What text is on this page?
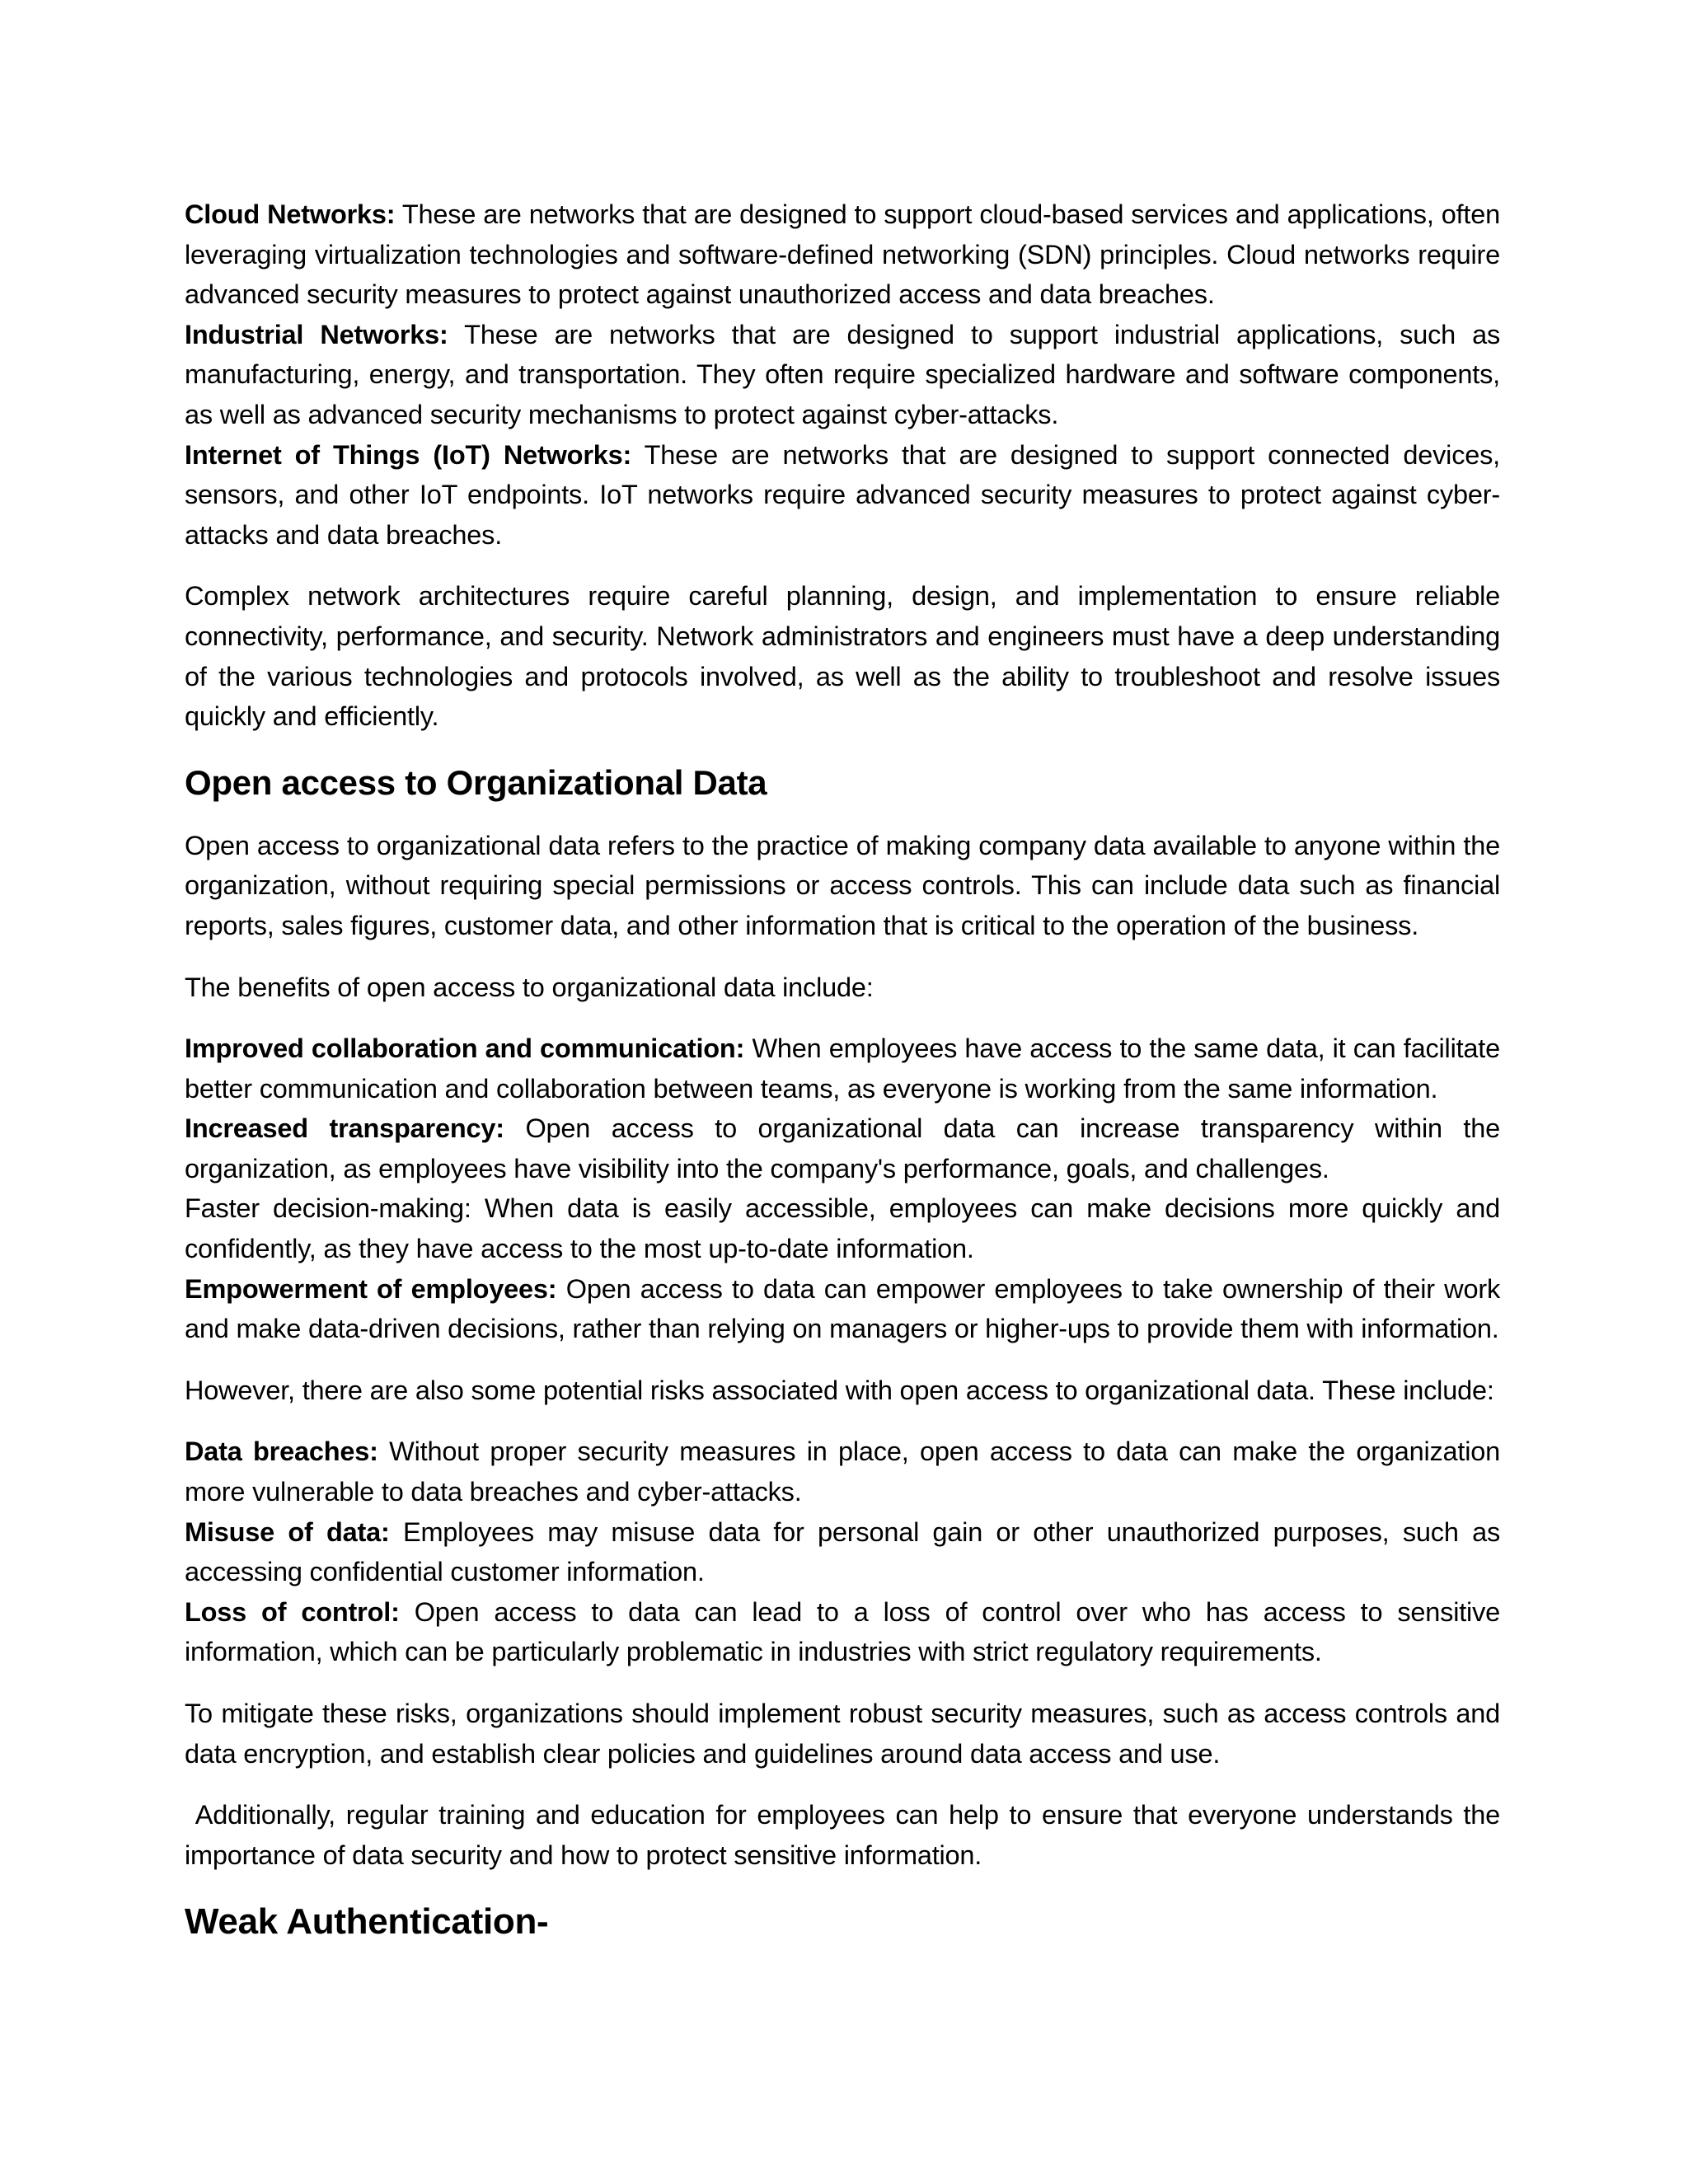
Cloud Networks: These are networks that are designed to support cloud-based services and applications, often leveraging virtualization technologies and software-defined networking (SDN) principles. Cloud networks require advanced security measures to protect against unauthorized access and data breaches.

Industrial Networks: These are networks that are designed to support industrial applications, such as manufacturing, energy, and transportation. They often require specialized hardware and software components, as well as advanced security mechanisms to protect against cyber-attacks.

Internet of Things (IoT) Networks: These are networks that are designed to support connected devices, sensors, and other IoT endpoints. IoT networks require advanced security measures to protect against cyber-attacks and data breaches.

Complex network architectures require careful planning, design, and implementation to ensure reliable connectivity, performance, and security. Network administrators and engineers must have a deep understanding of the various technologies and protocols involved, as well as the ability to troubleshoot and resolve issues quickly and efficiently.

Open access to Organizational Data

Open access to organizational data refers to the practice of making company data available to anyone within the organization, without requiring special permissions or access controls. This can include data such as financial reports, sales figures, customer data, and other information that is critical to the operation of the business.

The benefits of open access to organizational data include:

Improved collaboration and communication: When employees have access to the same data, it can facilitate better communication and collaboration between teams, as everyone is working from the same information.

Increased transparency: Open access to organizational data can increase transparency within the organization, as employees have visibility into the company's performance, goals, and challenges.

Faster decision-making: When data is easily accessible, employees can make decisions more quickly and confidently, as they have access to the most up-to-date information.

Empowerment of employees: Open access to data can empower employees to take ownership of their work and make data-driven decisions, rather than relying on managers or higher-ups to provide them with information.

However, there are also some potential risks associated with open access to organizational data. These include:

Data breaches: Without proper security measures in place, open access to data can make the organization more vulnerable to data breaches and cyber-attacks.

Misuse of data: Employees may misuse data for personal gain or other unauthorized purposes, such as accessing confidential customer information.

Loss of control: Open access to data can lead to a loss of control over who has access to sensitive information, which can be particularly problematic in industries with strict regulatory requirements.

To mitigate these risks, organizations should implement robust security measures, such as access controls and data encryption, and establish clear policies and guidelines around data access and use.

Additionally, regular training and education for employees can help to ensure that everyone understands the importance of data security and how to protect sensitive information.

Weak Authentication-
